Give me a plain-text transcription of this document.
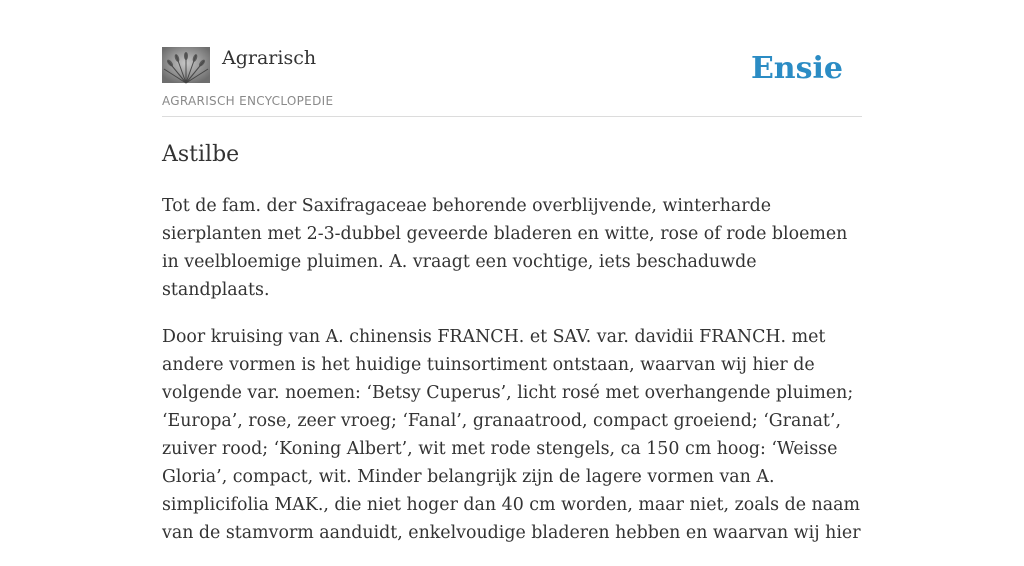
Agrarisch
AGRARISCH ENCYCLOPEDIE
Ensie
Astilbe

Tot de fam. der Saxifragaceae behorende overblijvende, winterharde sierplanten met 2-3-dubbel geveerde bladeren en witte, rose of rode bloemen in veelbloemige pluimen. A. vraagt een vochtige, iets beschaduwde standplaats.

Door kruising van A. chinensis FRANCH. et SAV. var. davidii FRANCH. met andere vormen is het huidige tuinsortiment ontstaan, waarvan wij hier de volgende var. noemen: ‘Betsy Cuperus’, licht rosé met overhangende pluimen; ‘Europa’, rose, zeer vroeg; ‘Fanal’, granaatrood, compact groeiend; ‘Granat’, zuiver rood; ‘Koning Albert’, wit met rode stengels, ca 150 cm hoog: ‘Weisse Gloria’, compact, wit. Minder belangrijk zijn de lagere vormen van A. simplicifolia MAK., die niet hoger dan 40 cm worden, maar niet, zoals de naam van de stamvorm aanduidt, enkelvoudige bladeren hebben en waarvan wij hier
